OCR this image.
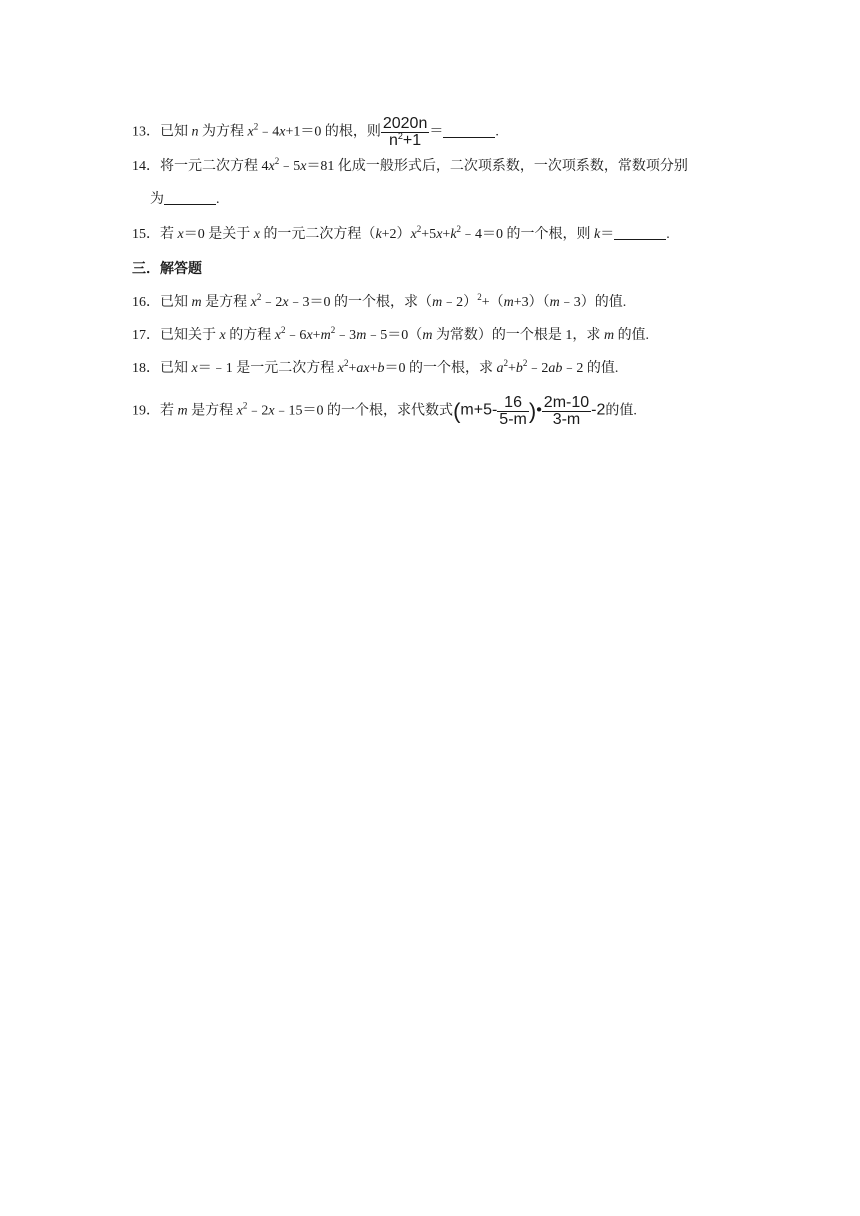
13．已知 n 为方程 $x^2﹣4x+1=0$ 的根，则 $\frac{2020n}{n^2+1}$ ＝	.
14．将一元二次方程 $4x^2﹣5x=81$ 化成一般形式后，二次项系数，一次项系数，常数项分别
为	.
15．若 x＝0 是关于 x 的一元二次方程$(k+2)x^2+5x+k^2﹣4=0$ 的一个根，则 k＝	.
三．解答题
16．已知 m 是方程 $x^2﹣2x﹣3=0$ 的一个根，求（m﹣2）$^2$+（m+3）（m﹣3）的值.
17．已知关于 x 的方程 $x^2﹣6x+m^2﹣3m﹣5=0(m$ 为常数）的一个根是 1，求 m 的值.
18．已知 x＝﹣1 是一元二次方程 $x^2+ax+b=0$ 的一个根，求 $a^2+b^2﹣2ab﹣2$ 的值.
19．若 m 是方程 $x^2﹣2x﹣15=0$ 的一个根，求代数式($m+5- \frac{16}{5-m}$ )• $\frac{2m-10}{3-m} -2$的值.
